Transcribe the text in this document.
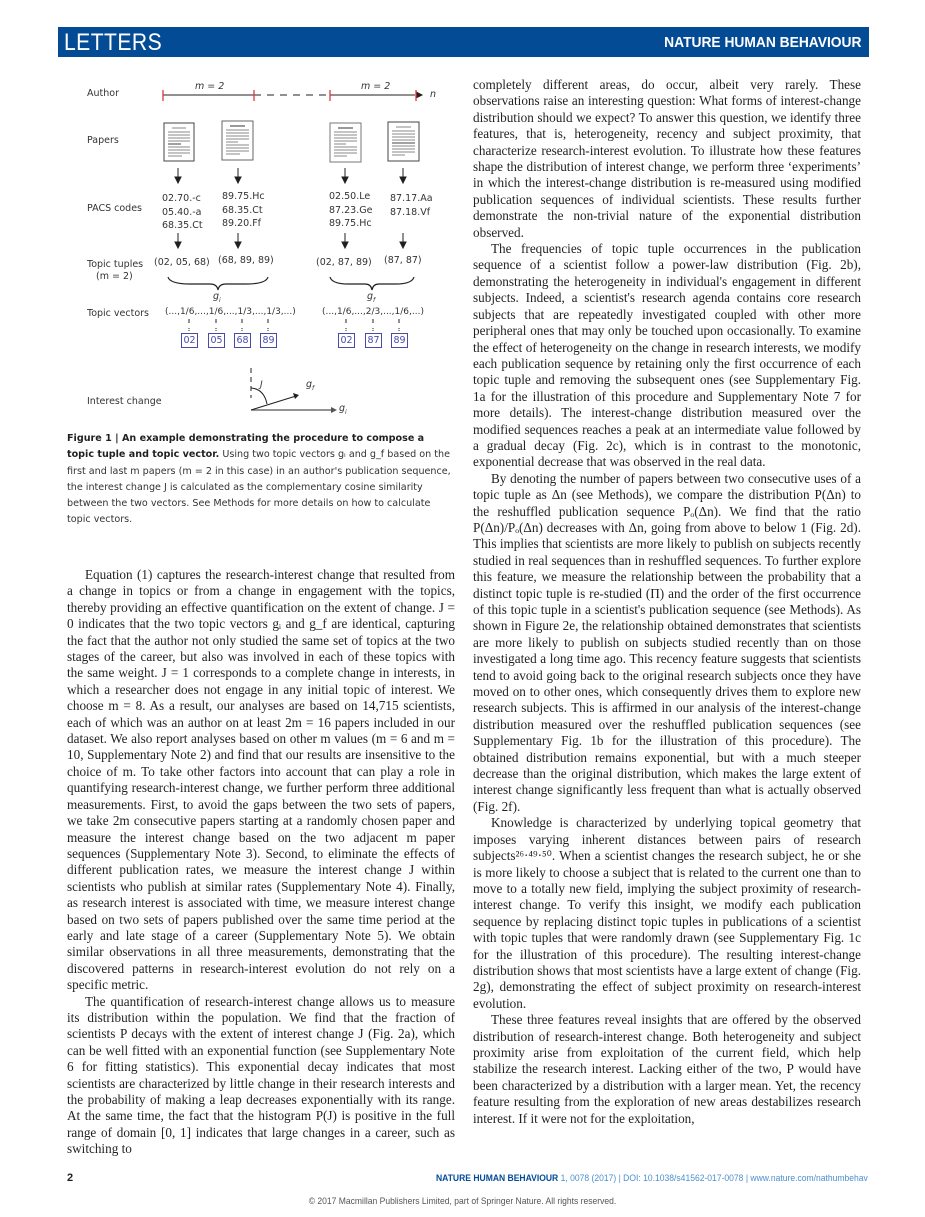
LETTERS	NATURE HUMAN BEHAVIOUR
Author
Papers
PACS codes
Topic tuples
(m = 2)
Topic vectors
Interest change
m = 2	m = 2
n
02.70.-c
05.40.-a
68.35.Ct
89.75.Hc
68.35.Ct
89.20.Ff
02.50.Le
87.23.Ge
89.75.Hc
87.17.Aa
87.18.Vf
(02, 05, 68) (68, 89, 89)	(02, 87, 89) (87, 87)
$g_i$	$g_f$
(...,1/6,...,1/6,...,1/3,...,1/3,...)	(...,1/6,...,2/3,...,1/6,...)
02 05 68 89	02 87 89
J	$g_f$
$g_i$
Figure 1 | An example demonstrating the procedure to compose a topic tuple and topic vector. Using two topic vectors gᵢ and g_f based on the first and last m papers (m = 2 in this case) in an author's publication sequence, the interest change J is calculated as the complementary cosine similarity between the two vectors. See Methods for more details on how to calculate topic vectors.

Equation (1) captures the research-interest change that resulted from a change in topics or from a change in engagement with the topics, thereby providing an effective quantification on the extent of change. J = 0 indicates that the two topic vectors gᵢ and g_f are identical, capturing the fact that the author not only studied the same set of topics at the two stages of the career, but also was involved in each of these topics with the same weight. J = 1 corresponds to a complete change in interests, in which a researcher does not engage in any initial topic of interest. We choose m = 8. As a result, our analyses are based on 14,715 scientists, each of which was an author on at least 2m = 16 papers included in our dataset. We also report analyses based on other m values (m = 6 and m = 10, Supplementary Note 2) and find that our results are insensitive to the choice of m. To take other factors into account that can play a role in quantifying research-interest change, we further perform three additional measurements. First, to avoid the gaps between the two sets of papers, we take 2m consecutive papers starting at a randomly chosen paper and measure the interest change based on the two adjacent m paper sequences (Supplementary Note 3). Second, to eliminate the effects of different publication rates, we measure the interest change J within scientists who publish at similar rates (Supplementary Note 4). Finally, as research interest is associated with time, we measure interest change based on two sets of papers published over the same time period at the early and late stage of a career (Supplementary Note 5). We obtain similar observations in all three measurements, demonstrating that the discovered patterns in research-interest evolution do not rely on a specific metric.

The quantification of research-interest change allows us to measure its distribution within the population. We find that the fraction of scientists P decays with the extent of interest change J (Fig. 2a), which can be well fitted with an exponential function (see Supplementary Note 6 for fitting statistics). This exponential decay indicates that most scientists are characterized by little change in their research interests and the probability of making a leap decreases exponentially with its range. At the same time, the fact that the histogram P(J) is positive in the full range of domain [0, 1] indicates that large changes in a career, such as switching to

completely different areas, do occur, albeit very rarely. These observations raise an interesting question: What forms of interest-change distribution should we expect? To answer this question, we identify three features, that is, heterogeneity, recency and subject proximity, that characterize research-interest evolution. To illustrate how these features shape the distribution of interest change, we perform three ‘experiments’ in which the interest-change distribution is re-measured using modified publication sequences of individual scientists. These results further demonstrate the non-trivial nature of the exponential distribution observed.

The frequencies of topic tuple occurrences in the publication sequence of a scientist follow a power-law distribution (Fig. 2b), demonstrating the heterogeneity in individual's engagement in different subjects. Indeed, a scientist's research agenda contains core research subjects that are repeatedly investigated coupled with other more peripheral ones that may only be touched upon occasionally. To examine the effect of heterogeneity on the change in research interests, we modify each publication sequence by retaining only the first occurrence of each topic tuple and removing the subsequent ones (see Supplementary Fig. 1a for the illustration of this procedure and Supplementary Note 7 for more details). The interest-change distribution measured over the modified sequences reaches a peak at an intermediate value followed by a gradual decay (Fig. 2c), which is in contrast to the monotonic, exponential decrease that was observed in the real data.

By denoting the number of papers between two consecutive uses of a topic tuple as Δn (see Methods), we compare the distribution P(Δn) to the reshuffled publication sequence Pₒ(Δn). We find that the ratio P(Δn)/Pₒ(Δn) decreases with Δn, going from above to below 1 (Fig. 2d). This implies that scientists are more likely to publish on subjects recently studied in real sequences than in reshuffled sequences. To further explore this feature, we measure the relationship between the probability that a distinct topic tuple is re-studied (Π) and the order of the first occurrence of this topic tuple in a scientist's publication sequence (see Methods). As shown in Figure 2e, the relationship obtained demonstrates that scientists are more likely to publish on subjects studied recently than on those investigated a long time ago. This recency feature suggests that scientists tend to avoid going back to the original research subjects once they have moved on to other ones, which consequently drives them to explore new research subjects. This is affirmed in our analysis of the interest-change distribution measured over the reshuffled publication sequences (see Supplementary Fig. 1b for the illustration of this procedure). The obtained distribution remains exponential, but with a much steeper decrease than the original distribution, which makes the large extent of interest change significantly less frequent than what is actually observed (Fig. 2f).

Knowledge is characterized by underlying topical geometry that imposes varying inherent distances between pairs of research subjects²⁶·⁴⁹·⁵⁰. When a scientist changes the research subject, he or she is more likely to choose a subject that is related to the current one than to move to a totally new field, implying the subject proximity of research-interest change. To verify this insight, we modify each publication sequence by replacing distinct topic tuples in publications of a scientist with topic tuples that were randomly drawn (see Supplementary Fig. 1c for the illustration of this procedure). The resulting interest-change distribution shows that most scientists have a large extent of change (Fig. 2g), demonstrating the effect of subject proximity on research-interest evolution.

These three features reveal insights that are offered by the observed distribution of research-interest change. Both heterogeneity and subject proximity arise from exploitation of the current field, which help stabilize the research interest. Lacking either of the two, P would have been characterized by a distribution with a larger mean. Yet, the recency feature resulting from the exploration of new areas destabilizes research interest. If it were not for the exploitation,

2	NATURE HUMAN BEHAVIOUR 1, 0078 (2017) | DOI: 10.1038/s41562-017-0078 | www.nature.com/nathumbehav
© 2017 Macmillan Publishers Limited, part of Springer Nature. All rights reserved.
